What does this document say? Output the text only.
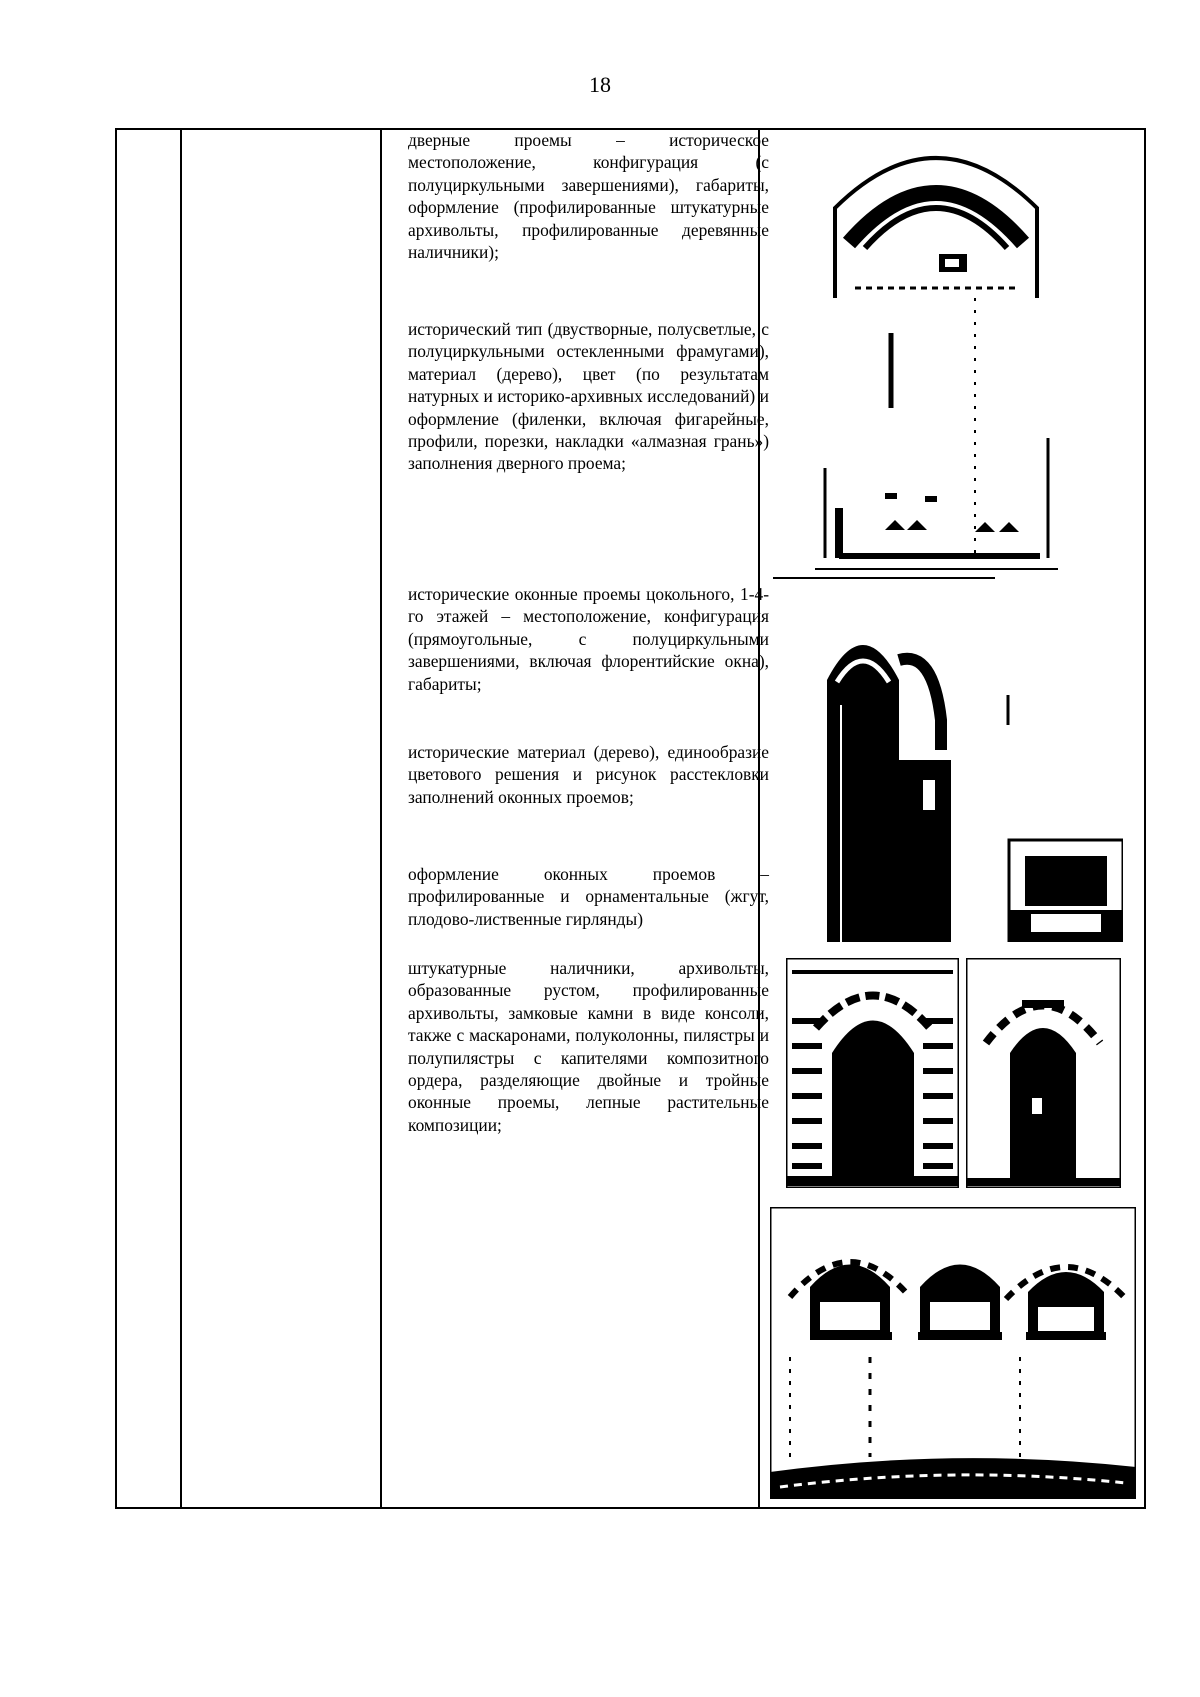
18

дверные проемы – историческое местоположение, конфигурация (с полуциркульными завершениями), габариты, оформление (профилированные штукатурные архивольты, профилированные деревянные наличники);

исторический тип (двустворные, полусветлые, с полуциркульными остекленными фрамугами), материал (дерево), цвет (по результатам натурных и историко-архивных исследований) и оформление (филенки, включая фигарейные, профили, порезки, накладки «алмазная грань») заполнения дверного проема;

исторические оконные проемы цокольного, 1-4-го этажей – местоположение, конфигурация (прямоугольные, с полуциркульными завершениями, включая флорентийские окна), габариты;

исторические материал (дерево), единообразие цветового решения и рисунок расстекловки заполнений оконных проемов;

оформление оконных проемов – профилированные и орнаментальные (жгут, плодово-лиственные гирлянды)

штукатурные наличники, архивольты, образованные рустом, профилированные архивольты, замковые камни в виде консоли, также с маскаронами, полуколонны, пилястры и полупилястры с капителями композитного ордера, разделяющие двойные и тройные оконные проемы, лепные растительные композиции;
